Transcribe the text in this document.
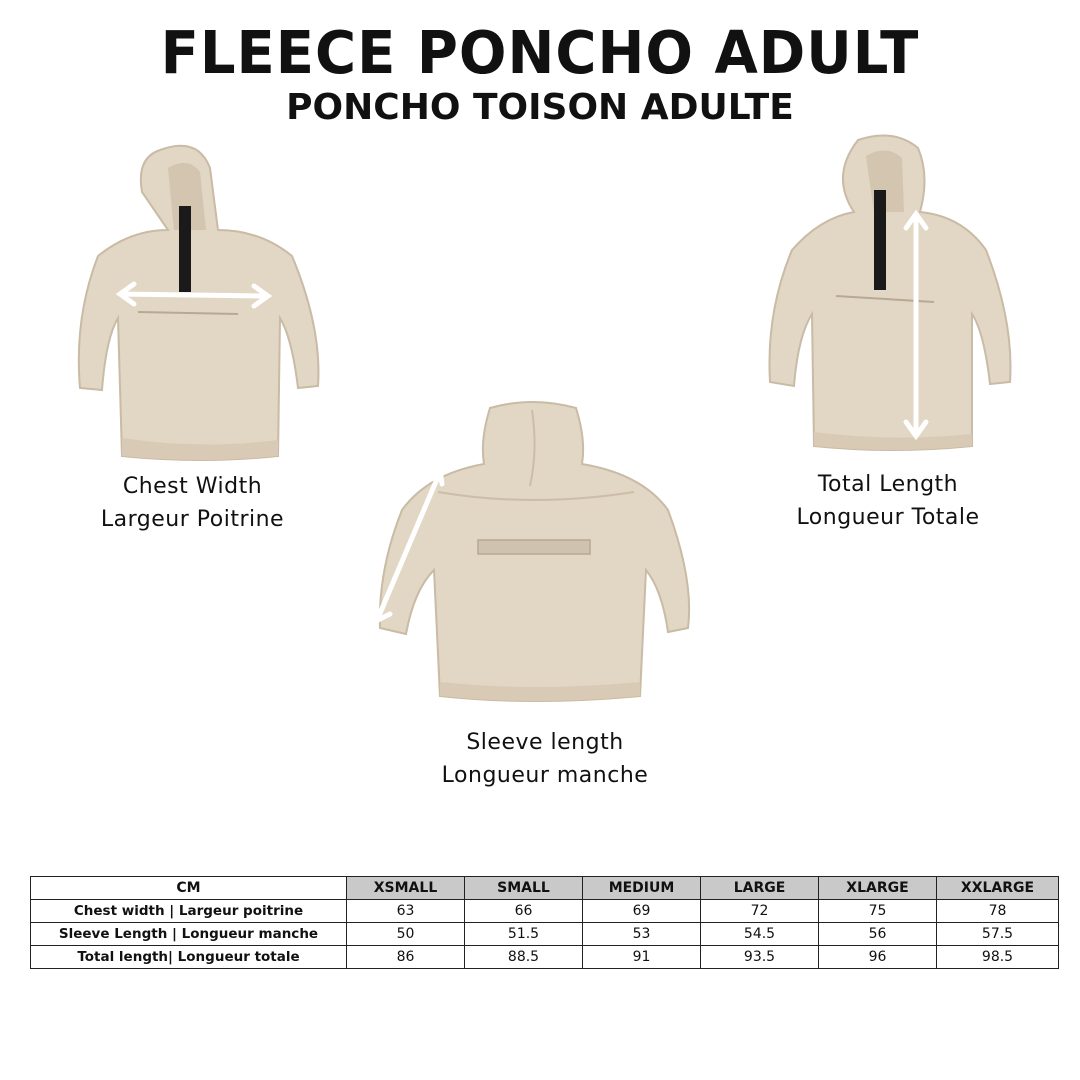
FLEECE PONCHO ADULT
PONCHO TOISON ADULTE
Chest Width
Largeur Poitrine
Sleeve length
Longueur manche
Total Length
Longueur Totale
CM	XSMALL	SMALL	MEDIUM	LARGE	XLARGE	XXLARGE
Chest width | Largeur poitrine	63	66	69	72	75	78
Sleeve Length | Longueur manche	50	51.5	53	54.5	56	57.5
Total length| Longueur totale	86	88.5	91	93.5	96	98.5
